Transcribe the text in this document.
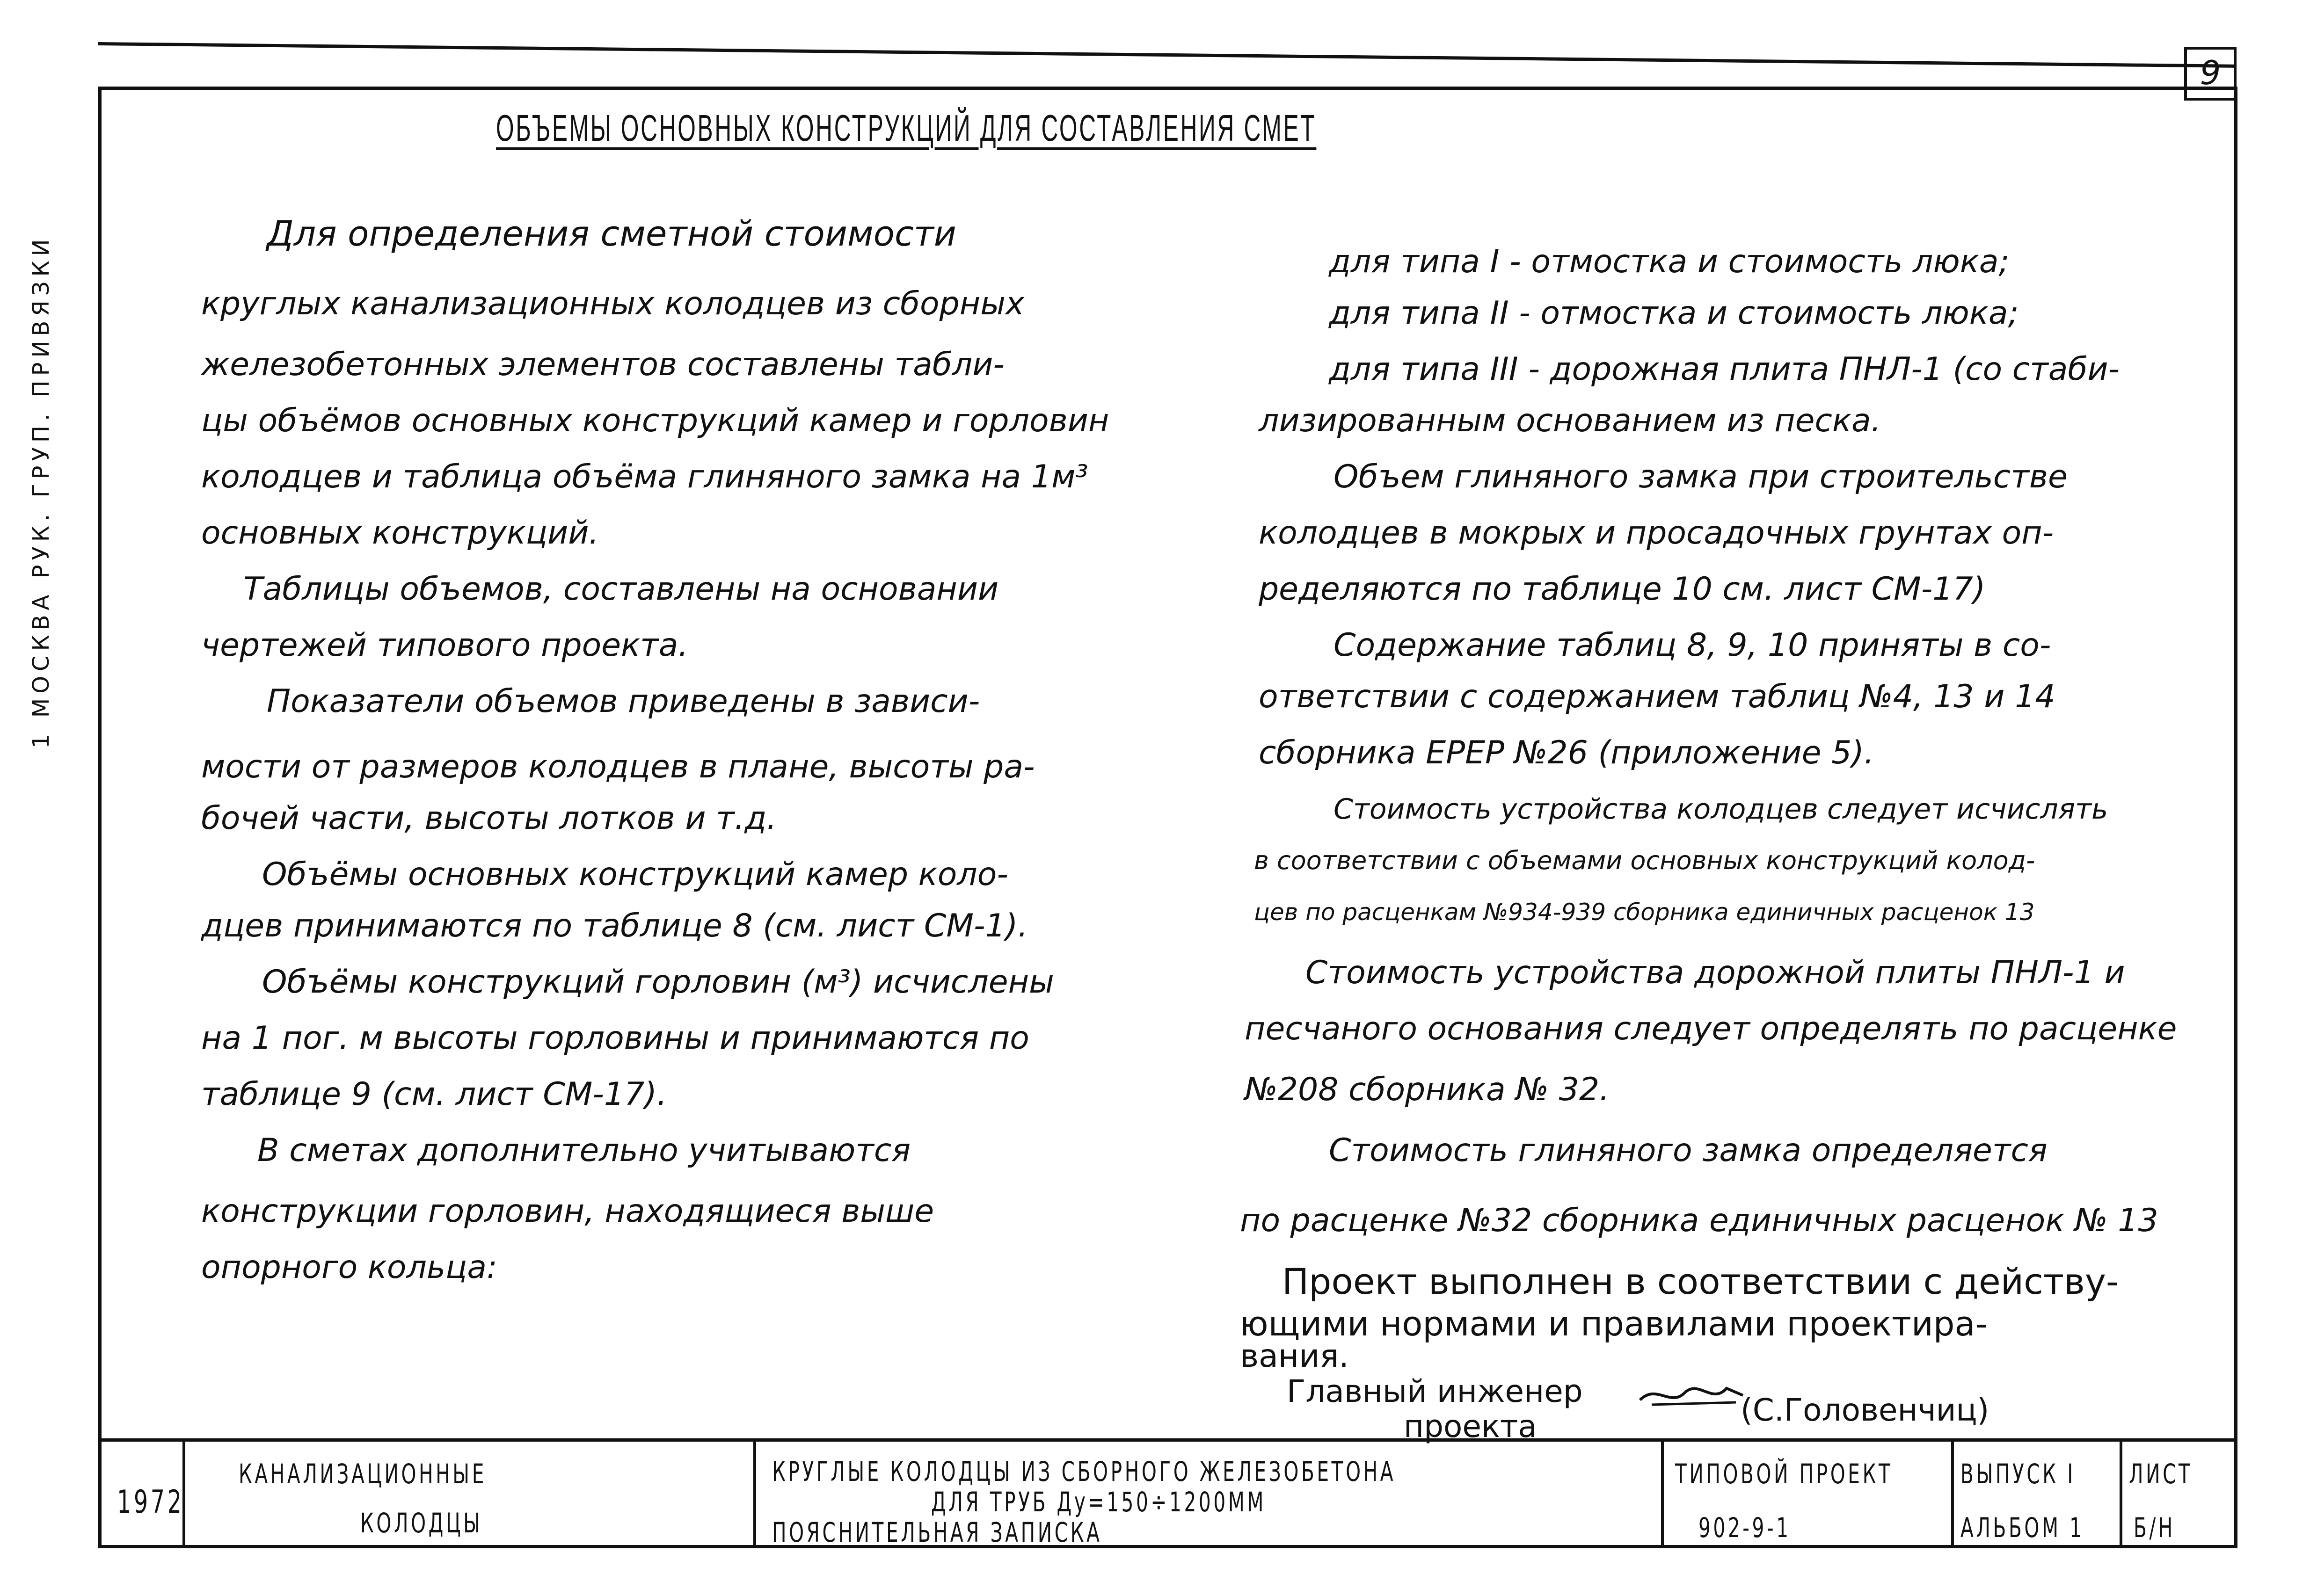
9
ОБЪЕМЫ ОСНОВНЫХ КОНСТРУКЦИЙ ДЛЯ СОСТАВЛЕНИЯ СМЕТ

Для определения сметной стоимости

круглых канализационных колодцев из сборных

железобетонных элементов составлены табли-

цы объёмов основных конструкций камер и горловин

колодцев и таблица объёма глиняного замка на 1м³

основных конструкций.

Таблицы объемов, составлены на основании

чертежей типового проекта.

Показатели объемов приведены в зависи-

мости от размеров колодцев в плане, высоты ра-

бочей части, высоты лотков и т.д.

Объёмы основных конструкций камер коло-

дцев принимаются по таблице 8 (см. лист СМ-1).

Объёмы конструкций горловин (м³) исчислены

на 1 пог. м высоты горловины и принимаются по

таблице 9 (см. лист СМ-17).

В сметах дополнительно учитываются

конструкции горловин, находящиеся выше

опорного кольца:

для типа I - отмостка и стоимость люка;

для типа II - отмостка и стоимость люка;

для типа III - дорожная плита ПНЛ-1 (со стаби-

лизированным основанием из песка.

Объем глиняного замка при строительстве

колодцев в мокрых и просадочных грунтах оп-

ределяются по таблице 10 см. лист СМ-17)

Содержание таблиц 8, 9, 10 приняты в со-

ответствии с содержанием таблиц №4, 13 и 14

сборника ЕРЕР №26 (приложение 5).

Стоимость устройства колодцев следует исчислять

в соответствии с объемами основных конструкций колод-

цев по расценкам №934-939 сборника единичных расценок 13

Стоимость устройства дорожной плиты ПНЛ-1 и

песчаного основания следует определять по расценке

№208 сборника № 32.

Стоимость глиняного замка определяется

по расценке №32 сборника единичных расценок № 13

Проект выполнен в соответствии с действу-

ющими нормами и правилами проектира-

вания.

Главный инженер

проекта	(С.Головенчиц)

1972
КАНАЛИЗАЦИОННЫЕ
КОЛОДЦЫ
КРУГЛЫЕ КОЛОДЦЫ ИЗ СБОРНОГО ЖЕЛЕЗОБЕТОНА
ДЛЯ ТРУБ Ду=150÷1200ММ
ПОЯСНИТЕЛЬНАЯ ЗАПИСКА
ТИПОВОЙ ПРОЕКТ
902-9-1
ВЫПУСК I
АЛЬБОМ 1
ЛИСТ
Б/Н
1 МОСКВА РУК. ГРУП. ПРИВЯЗКИ
